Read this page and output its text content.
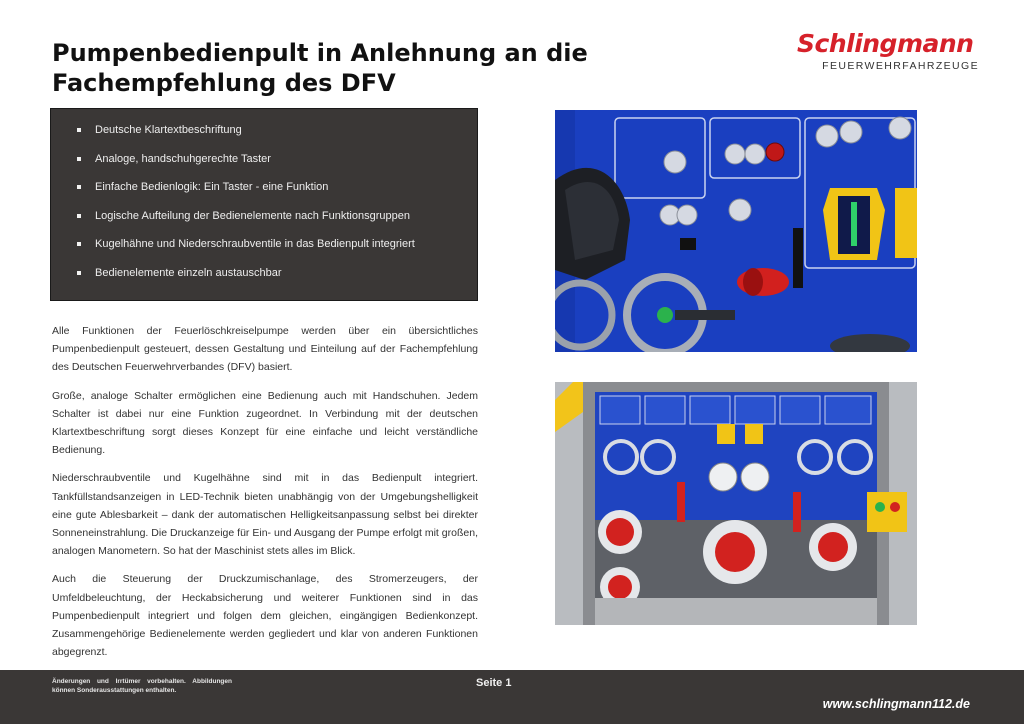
Pumpenbedienpult in Anlehnung an die
Fachempfehlung des DFV
Schlingmann
FEUERWEHRFAHRZEUGE
Deutsche Klartextbeschriftung
Analoge, handschuhgerechte Taster
Einfache Bedienlogik: Ein Taster - eine Funktion
Logische Aufteilung der Bedienelemente nach Funktionsgruppen
Kugelhähne und Niederschraubventile in das Bedienpult integriert
Bedienelemente einzeln austauschbar

Alle Funktionen der Feuerlöschkreiselpumpe werden über ein übersichtliches Pumpenbedienpult gesteuert, dessen Gestaltung und Einteilung auf der Fachempfehlung des Deutschen Feuerwehrverbandes (DFV) basiert.

Große, analoge Schalter ermöglichen eine Bedienung auch mit Handschuhen. Jedem Schalter ist dabei nur eine Funktion zugeordnet. In Verbindung mit der deutschen Klartextbeschriftung sorgt dieses Konzept für eine einfache und leicht verständliche Bedienung.

Niederschraubventile und Kugelhähne sind mit in das Bedienpult integriert. Tankfüllstandsanzeigen in LED-Technik bieten unabhängig von der Umgebungshelligkeit eine gute Ablesbarkeit – dank der automatischen Helligkeitsanpassung selbst bei direkter Sonneneinstrahlung. Die Druckanzeige für Ein- und Ausgang der Pumpe erfolgt mit großen, analogen Manometern. So hat der Maschinist stets alles im Blick.

Auch die Steuerung der Druckzumischanlage, des Stromerzeugers, der Umfeldbeleuchtung, der Heckabsicherung und weiterer Funktionen sind in das Pumpenbedienpult integriert und folgen dem gleichen, eingängigen Bedienkonzept. Zusammengehörige Bedienelemente werden gegliedert und klar von anderen Funktionen abgegrenzt.

Änderungen und Irrtümer vorbehalten. Abbildungen können Sonderausstattungen enthalten.
Seite 1
www.schlingmann112.de
